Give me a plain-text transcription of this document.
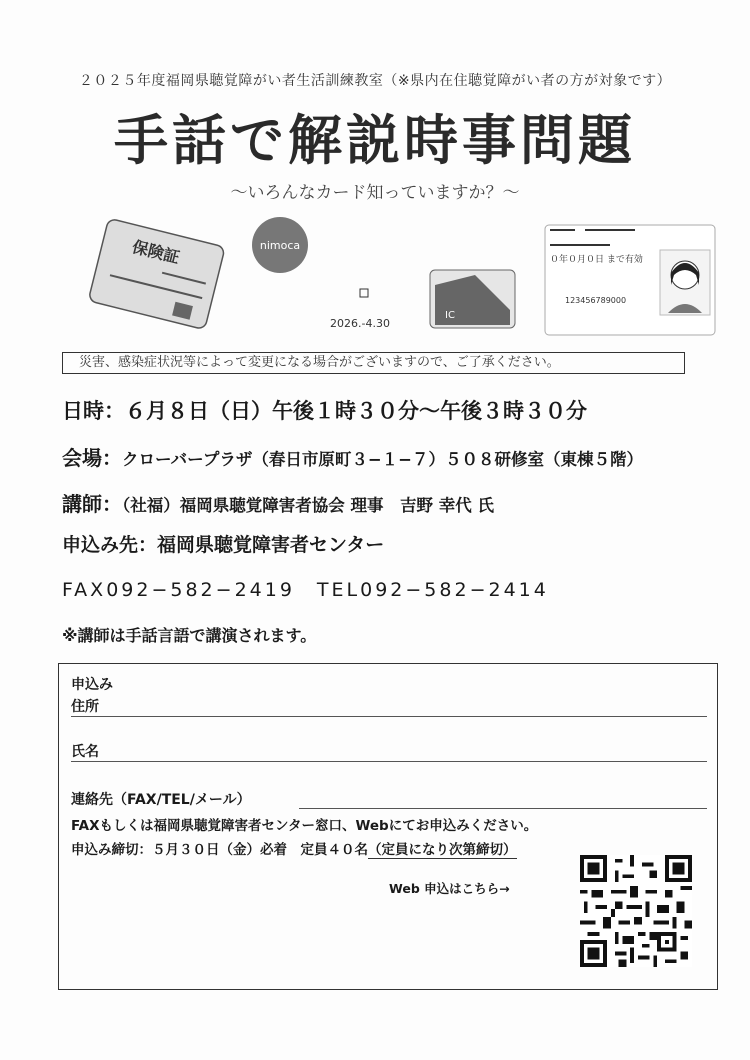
２０２５年度福岡県聴覚障がい者生活訓練教室（※県内在住聴覚障がい者の方が対象です）
手話で解説時事問題
〜いろんなカード知っていますか？〜
保険証	nimoca
2026.-4.30
IC
０年０月０日 まで有効
123456789000
災害、感染症状況等によって変更になる場合がございますので、ご了承ください。
日時：６月８日（日）午後１時３０分〜午後３時３０分
会場：クローバープラザ（春日市原町３−１−７）５０８研修室（東棟５階）
講師：（社福）福岡県聴覚障害者協会 理事　吉野 幸代 氏
申込み先：福岡県聴覚障害者センター
FAX092−582−2419　TEL092−582−2414
※講師は手話言語で講演されます。
申込み
住所
氏名
連絡先（FAX/TEL/メール）
FAXもしくは福岡県聴覚障害者センター窓口、Webにてお申込みください。
申込み締切：５月３０日（金）必着　定員４０名（定員になり次第締切）
Web 申込はこちら→
